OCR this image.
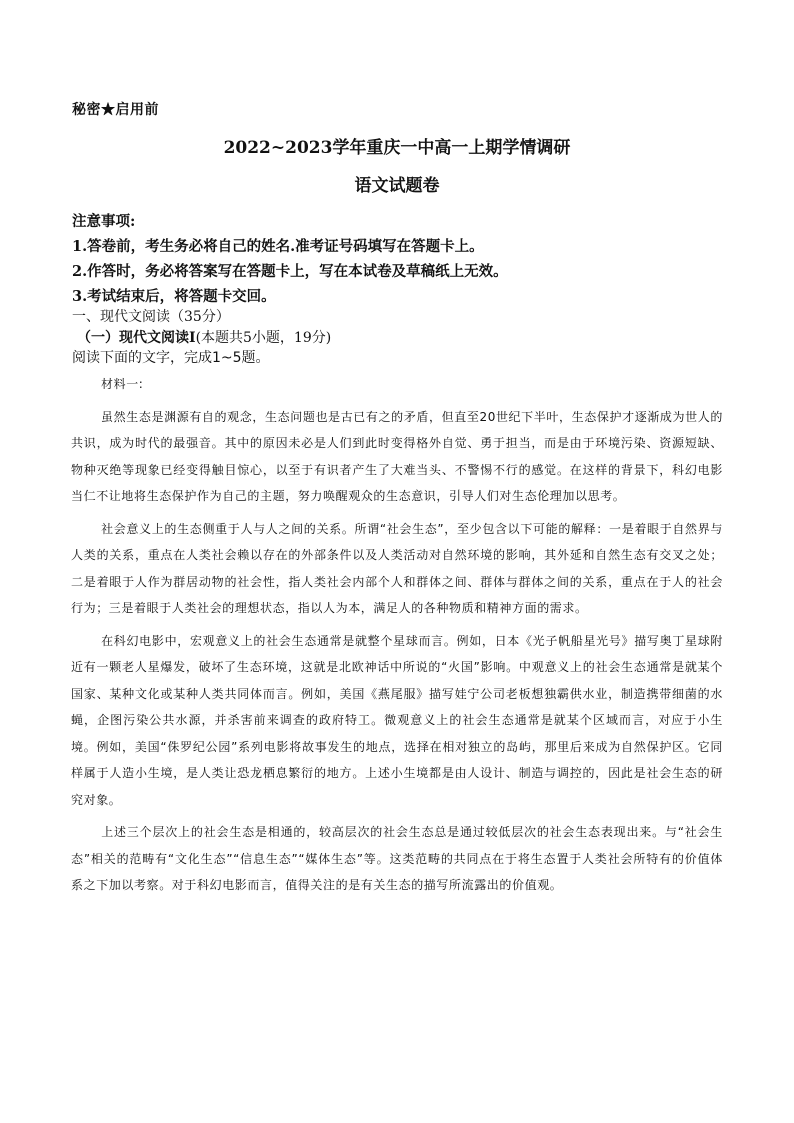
秘密★启用前
2022~2023学年重庆一中高一上期学情调研
语文试题卷
注意事项:
1.答卷前，考生务必将自己的姓名.准考证号码填写在答题卡上。
2.作答时，务必将答案写在答题卡上，写在本试卷及草稿纸上无效。
3.考试结束后，将答题卡交回。
一、现代文阅读（35分）
（一）现代文阅读Ⅰ(本题共5小题，19分)
阅读下面的文字，完成1~5题。
材料一:
虽然生态是渊源有自的观念，生态问题也是古已有之的矛盾，但直至20世纪下半叶，生态保护才逐渐成为世人的共识，成为时代的最强音。其中的原因未必是人们到此时变得格外自觉、勇于担当，而是由于环境污染、资源短缺、物种灭绝等现象已经变得触目惊心，以至于有识者产生了大难当头、不警惕不行的感觉。在这样的背景下，科幻电影当仁不让地将生态保护作为自己的主题，努力唤醒观众的生态意识，引导人们对生态伦理加以思考。
社会意义上的生态侧重于人与人之间的关系。所谓“社会生态”，至少包含以下可能的解释：一是着眼于自然界与人类的关系，重点在人类社会赖以存在的外部条件以及人类活动对自然环境的影响，其外延和自然生态有交叉之处；二是着眼于人作为群居动物的社会性，指人类社会内部个人和群体之间、群体与群体之间的关系，重点在于人的社会行为；三是着眼于人类社会的理想状态，指以人为本，满足人的各种物质和精神方面的需求。
在科幻电影中，宏观意义上的社会生态通常是就整个星球而言。例如，日本《光子帆船星光号》描写奥丁星球附近有一颗老人星爆发，破坏了生态环境，这就是北欧神话中所说的“火国”影响。中观意义上的社会生态通常是就某个国家、某种文化或某种人类共同体而言。例如，美国《燕尾服》描写娃宁公司老板想独霸供水业，制造携带细菌的水蝇，企图污染公共水源，并杀害前来调查的政府特工。微观意义上的社会生态通常是就某个区域而言，对应于小生境。例如，美国“侏罗纪公园”系列电影将故事发生的地点，选择在相对独立的岛屿，那里后来成为自然保护区。它同样属于人造小生境，是人类让恐龙栖息繁衍的地方。上述小生境都是由人设计、制造与调控的，因此是社会生态的研究对象。
上述三个层次上的社会生态是相通的，较高层次的社会生态总是通过较低层次的社会生态表现出来。与“社会生态”相关的范畴有“文化生态”“信息生态”“媒体生态”等。这类范畴的共同点在于将生态置于人类社会所特有的价值体系之下加以考察。对于科幻电影而言，值得关注的是有关生态的描写所流露出的价值观。
